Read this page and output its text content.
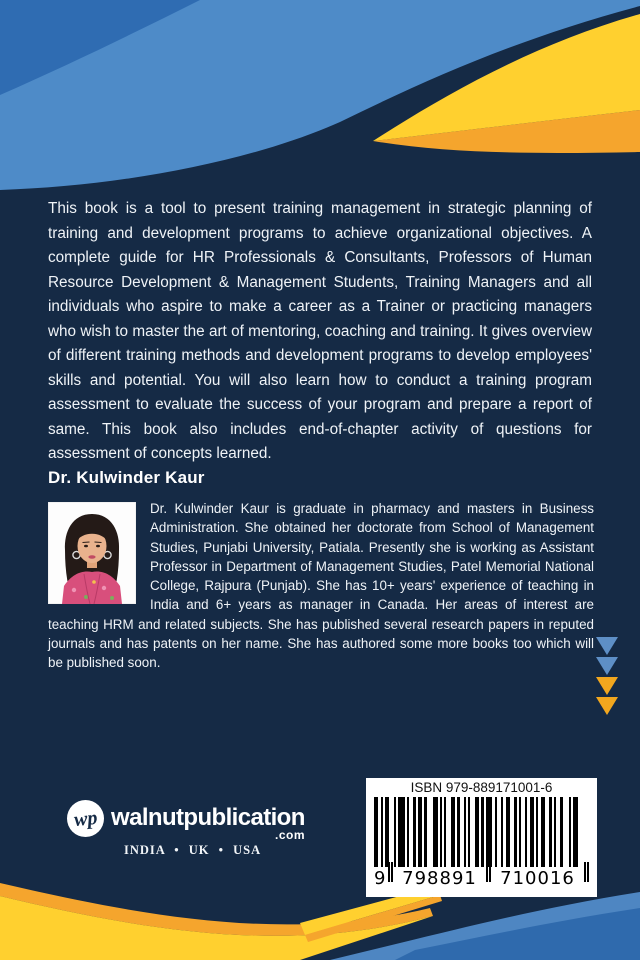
This book is a tool to present training management in strategic planning of training and development programs to achieve organizational objectives. A complete guide for HR Professionals & Consultants, Professors of Human Resource Development & Management Students, Training Managers and all individuals who aspire to make a career as a Trainer or practicing managers who wish to master the art of mentoring, coaching and training. It gives overview of different training methods and development programs to develop employees' skills and potential. You will also learn how to conduct a training program assessment to evaluate the success of your program and prepare a report of same. This book also includes end-of-chapter activity of questions for assessment of concepts learned.
Dr. Kulwinder Kaur
Dr. Kulwinder Kaur is graduate in pharmacy and masters in Business Administration. She obtained her doctorate from School of Management Studies, Punjabi University, Patiala. Presently she is working as Assistant Professor in Department of Management Studies, Patel Memorial National College, Rajpura (Punjab). She has 10+ years' experience of teaching in India and 6+ years as manager in Canada. Her areas of interest are teaching HRM and related subjects. She has published several research papers in reputed journals and has patents on her name. She has authored some more books too which will be published soon.
wp walnutpublication
.com
INDIA • UK • USA
ISBN 979-889171001-6
9 798891	710016
